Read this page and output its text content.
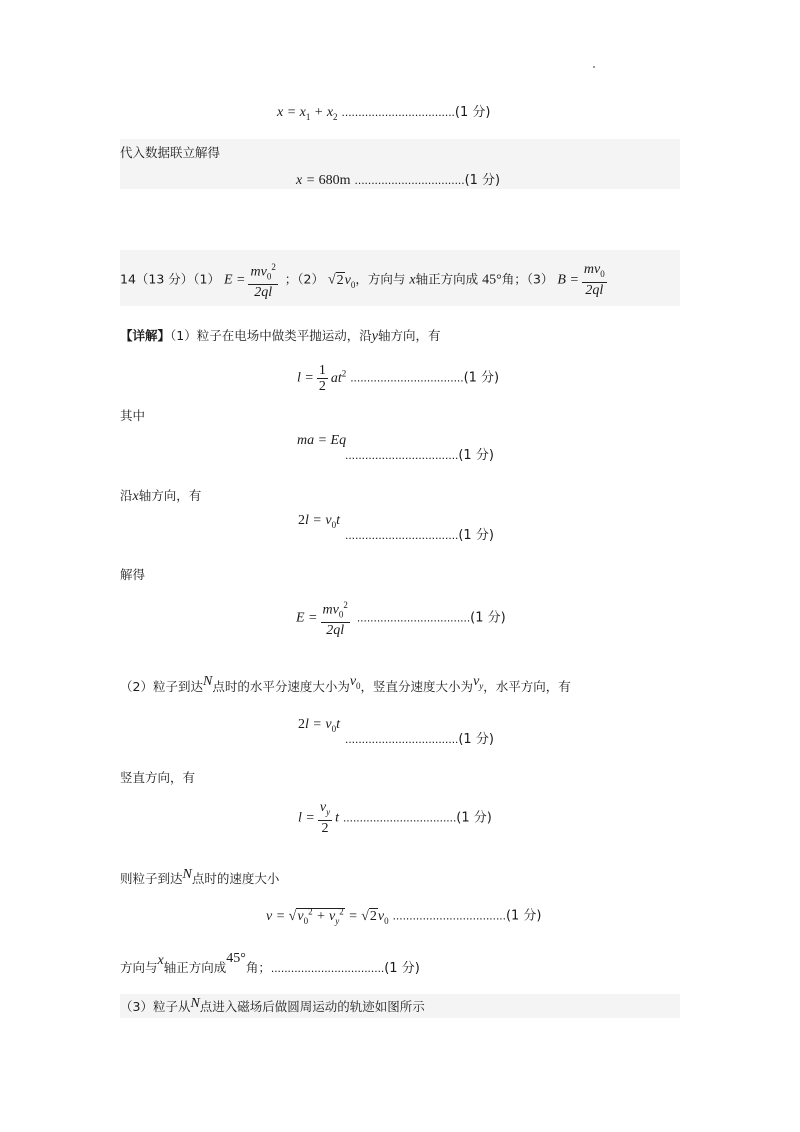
$x = x_1 + x_2$ ..................................(1 分)
代入数据联立解得
x = 680m .................................(1 分)
14（13 分）（1） $E = \frac{mv_0^2}{2ql}$ ；（2） $√2v_0$，方向与 x轴正方向成 45°角；（3） $B = \frac{mv_0}{2ql}$
【详解】（1）粒子在电场中做类平抛运动，沿y轴方向，有
$l = \frac{1}{2} at^2$ ..................................(1 分)
其中
ma = Eq
..................................(1 分)
沿x轴方向，有
$2l = v_0t$
..................................(1 分)
解得
$E = \frac{mv_0^2}{2ql} ..................................(1$ 分)
（2）粒子到达N点时的水平分速度大小为$v_0$，竖直分速度大小为$v_y$，水平方向，有
$2l = v_0t$
..................................(1 分)
竖直方向，有
$l = \frac{v_y}{2}$ t ..................................(1 分)
则粒子到达N点时的速度大小
$v = √v_0^2 + v_y^2 = √2v_0$ ..................................(1 分)
方向与x轴正方向成45°角；..................................(1 分)
（3）粒子从N点进入磁场后做圆周运动的轨迹如图所示
